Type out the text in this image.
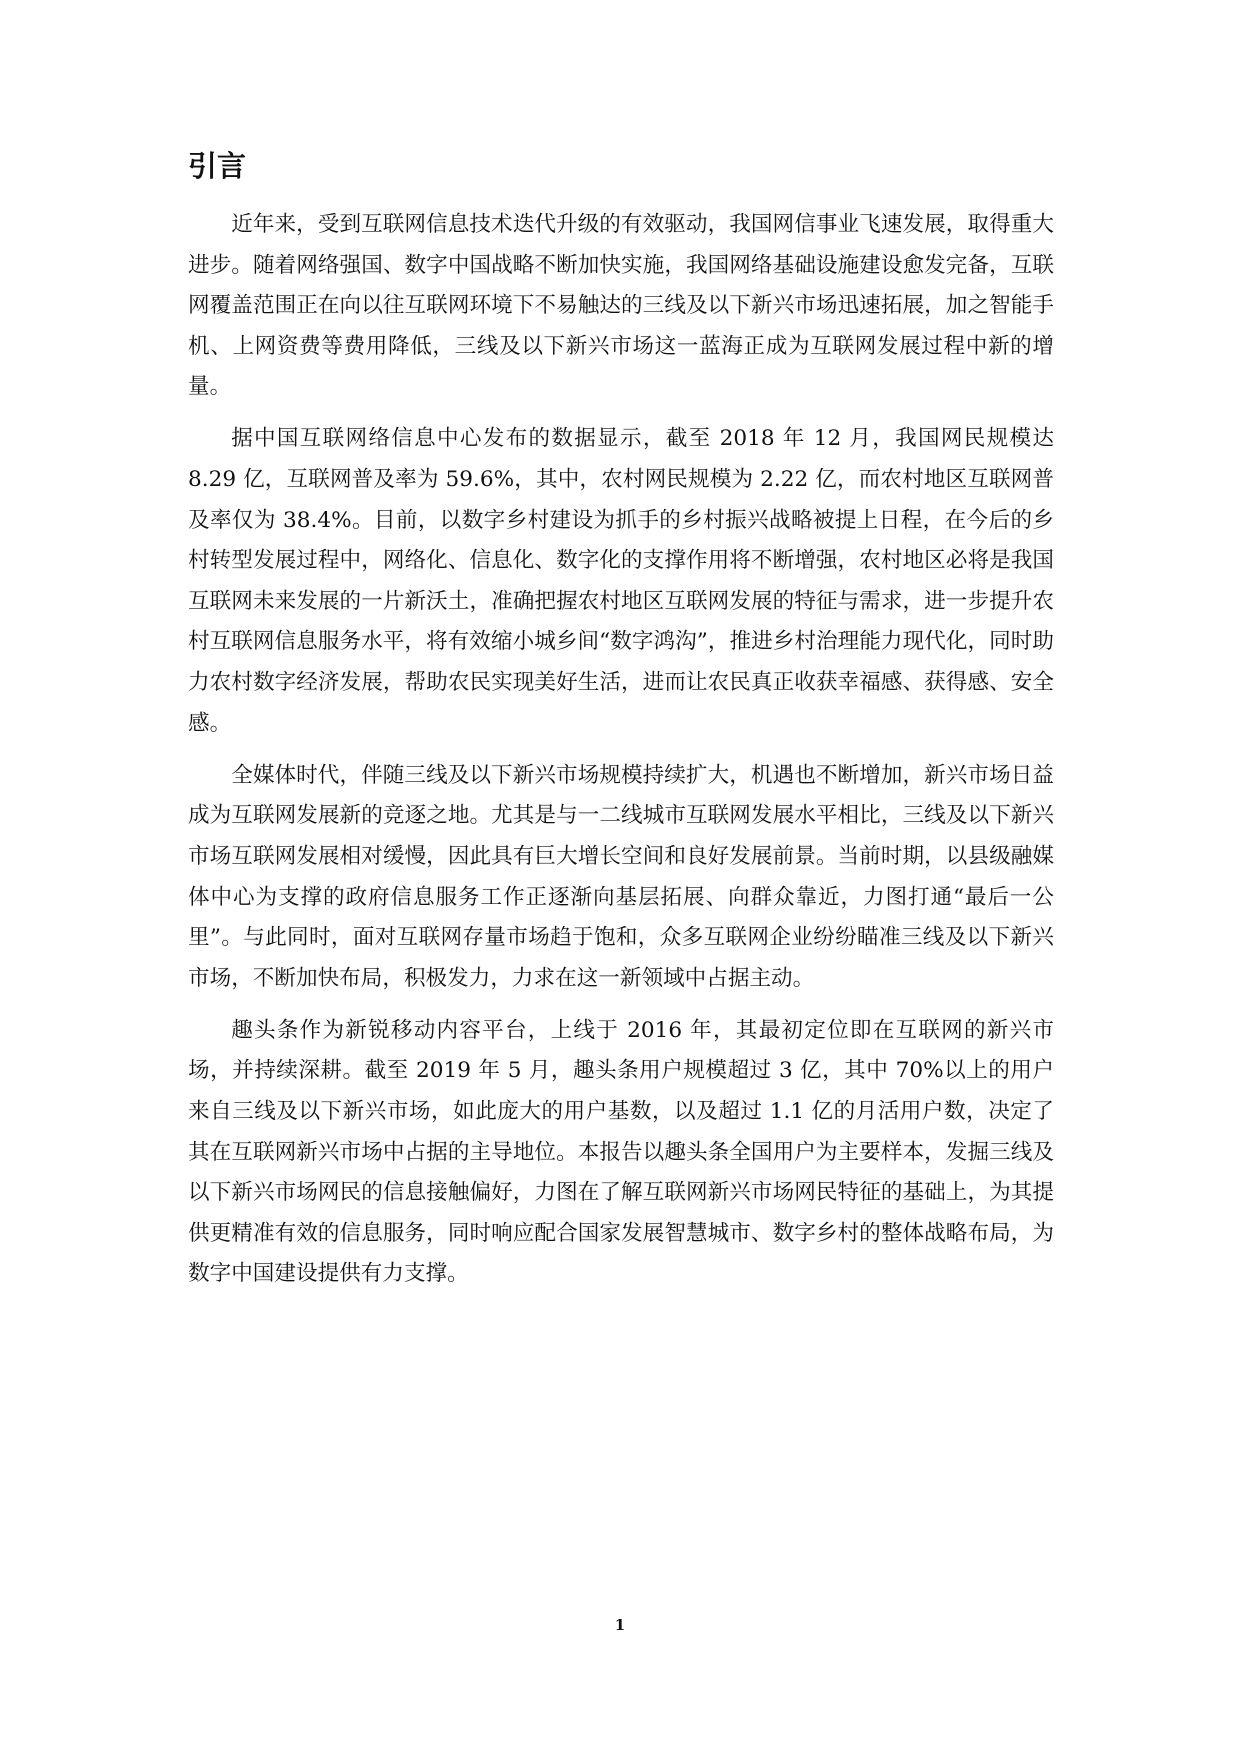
引言

近年来，受到互联网信息技术迭代升级的有效驱动，我国网信事业飞速发展，取得重大进步。随着网络强国、数字中国战略不断加快实施，我国网络基础设施建设愈发完备，互联网覆盖范围正在向以往互联网环境下不易触达的三线及以下新兴市场迅速拓展，加之智能手机、上网资费等费用降低，三线及以下新兴市场这一蓝海正成为互联网发展过程中新的增量。

据中国互联网络信息中心发布的数据显示，截至 2018 年 12 月，我国网民规模达 8.29 亿，互联网普及率为 59.6%，其中，农村网民规模为 2.22 亿，而农村地区互联网普及率仅为 38.4%。目前，以数字乡村建设为抓手的乡村振兴战略被提上日程，在今后的乡村转型发展过程中，网络化、信息化、数字化的支撑作用将不断增强，农村地区必将是我国互联网未来发展的一片新沃土，准确把握农村地区互联网发展的特征与需求，进一步提升农村互联网信息服务水平，将有效缩小城乡间“数字鸿沟”，推进乡村治理能力现代化，同时助力农村数字经济发展，帮助农民实现美好生活，进而让农民真正收获幸福感、获得感、安全感。

全媒体时代，伴随三线及以下新兴市场规模持续扩大，机遇也不断增加，新兴市场日益成为互联网发展新的竞逐之地。尤其是与一二线城市互联网发展水平相比，三线及以下新兴市场互联网发展相对缓慢，因此具有巨大增长空间和良好发展前景。当前时期，以县级融媒体中心为支撑的政府信息服务工作正逐渐向基层拓展、向群众靠近，力图打通“最后一公里”。与此同时，面对互联网存量市场趋于饱和，众多互联网企业纷纷瞄准三线及以下新兴市场，不断加快布局，积极发力，力求在这一新领域中占据主动。

趣头条作为新锐移动内容平台，上线于 2016 年，其最初定位即在互联网的新兴市场，并持续深耕。截至 2019 年 5 月，趣头条用户规模超过 3 亿，其中 70%以上的用户来自三线及以下新兴市场，如此庞大的用户基数，以及超过 1.1 亿的月活用户数，决定了其在互联网新兴市场中占据的主导地位。本报告以趣头条全国用户为主要样本，发掘三线及以下新兴市场网民的信息接触偏好，力图在了解互联网新兴市场网民特征的基础上，为其提供更精准有效的信息服务，同时响应配合国家发展智慧城市、数字乡村的整体战略布局，为数字中国建设提供有力支撑。

1
